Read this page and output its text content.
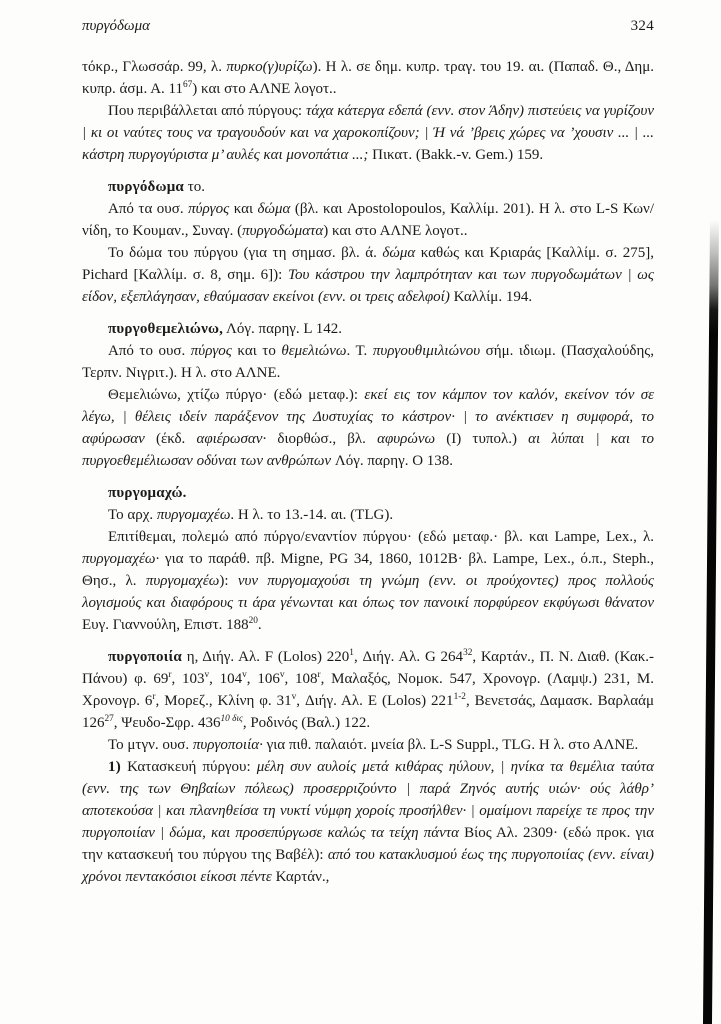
πυργόδωμα	324

τόκρ., Γλωσσάρ. 99, λ. πυρκο(γ)υρίζω). Η λ. σε δημ. κυπρ. τραγ. του 19. αι. (Παπαδ. Θ., Δημ. κυπρ. άσμ. Α. $11^{67}$) και στο ΑΛΝΕ λογοτ..

Που περιβάλλεται από πύργους: τάχα κάτεργα εδεπά (ενν. στον Άδην) πιστεύεις να γυρίζουν | κι οι ναύτες τους να τραγουδούν και να χαροκοπίζουν; | Ή νά ’βρεις χώρες να ’χουσιν ... | ... κάστρη πυργογύριστα μ’ αυλές και μονοπάτια ...; Πικατ. (Bakk.-v. Gem.) 159.

πυργόδωμα το.

Από τα ουσ. πύργος και δώμα (βλ. και Apostolopoulos, Καλλίμ. 201). Η λ. στο L-S Κων/νίδη, το Κουμαν., Συναγ. (πυργοδώματα) και στο ΑΛΝΕ λογοτ..

Το δώμα του πύργου (για τη σημασ. βλ. ά. δώμα καθώς και Κριαράς [Καλλίμ. σ. 275], Pichard [Καλλίμ. σ. 8, σημ. 6]): Του κάστρου την λαμπρότηταν και των πυργοδωμάτων | ως είδον, εξεπλάγησαν, εθαύμασαν εκείνοι (ενν. οι τρεις αδελφοί) Καλλίμ. 194.

πυργοθεμελιώνω, Λόγ. παρηγ. L 142.

Από το ουσ. πύργος και το θεμελιώνω. Τ. πυργουθιμιλιώνου σήμ. ιδιωμ. (Πασχαλούδης, Τερπν. Νιγριτ.). Η λ. στο ΑΛΝΕ.

Θεμελιώνω, χτίζω πύργο· (εδώ μεταφ.): εκεί εις τον κάμπον τον καλόν, εκείνον τόν σε λέγω, | θέλεις ιδείν παράξενον της Δυστυχίας το κάστρον· | το ανέκτισεν η συμφορά, το αφύρωσαν (έκδ. αφιέρωσαν· διορθώσ., βλ. αφυρώνω (Ι) τυπολ.) αι λύπαι | και το πυργοεθεμέλιωσαν οδύναι των ανθρώπων Λόγ. παρηγ. Ο 138.

πυργομαχώ.

Το αρχ. πυργομαχέω. Η λ. το 13.-14. αι. (TLG).

Επιτίθεμαι, πολεμώ από πύργο/εναντίον πύργου· (εδώ μεταφ.· βλ. και Lampe, Lex., λ. πυργομαχέω· για το παράθ. πβ. Migne, PG 34, 1860, 1012B· βλ. Lampe, Lex., ό.π., Steph., Θησ., λ. πυργομαχέω): νυν πυργομαχούσι τη γνώμη (ενν. οι προύχοντες) προς πολλούς λογισμούς και διαφόρους τι άρα γένωνται και όπως τον πανοικί πορφύρεον εκφύγωσι θάνατον Ευγ. Γιαννούλη, Επιστ. $188^{20}$.

πυργοποιία η, Διήγ. Αλ. F (Lolos) $220^1$, Διήγ. Αλ. G $264^{32}$, Καρτάν., Π. Ν. Διαθ. (Κακ.-Πάνου) φ. 69$^r$, 103$^v$, 104$^v$, 106$^v$, 108$^r$, Μαλαξός, Νομοκ. 547, Χρονογρ. (Λαμψ.) 231, Μ. Χρονογρ. 6$^r$, Μορεζ., Κλίνη φ. 31$^v$, Διήγ. Αλ. Ε (Lolos) 221$^{1-2}$, Βενετσάς, Δαμασκ. Βαρλαάμ $126^{27}$, Ψευδο-Σφρ. $436^{10 \delta\iota\varsigma}$, Ροδινός (Βαλ.) 122.

Το μτγν. ουσ. πυργοποιία· για πιθ. παλαιότ. μνεία βλ. L-S Suppl., TLG. Η λ. στο ΑΛΝΕ.

1) Κατασκευή πύργου: μέλη συν αυλοίς μετά κιθάρας ηύλουν, | ηνίκα τα θεμέλια ταύτα (ενν. της των Θηβαίων πόλεως) προσερριζούντο | παρά Ζηνός αυτής υιών· ούς λάθρ’ αποτεκούσα | και πλανηθείσα τη νυκτί νύμφη χοροίς προσήλθεν· | ομαίμονι παρείχε τε προς την πυργοποιίαν | δώμα, και προσεπύργωσε καλώς τα τείχη πάντα Βίος Αλ. 2309· (εδώ προκ. για την κατασκευή του πύργου της Βαβέλ): από του κατακλυσμού έως της πυργοποιίας (ενν. είναι) χρόνοι πεντακόσιοι είκοσι πέντε Καρτάν.,
